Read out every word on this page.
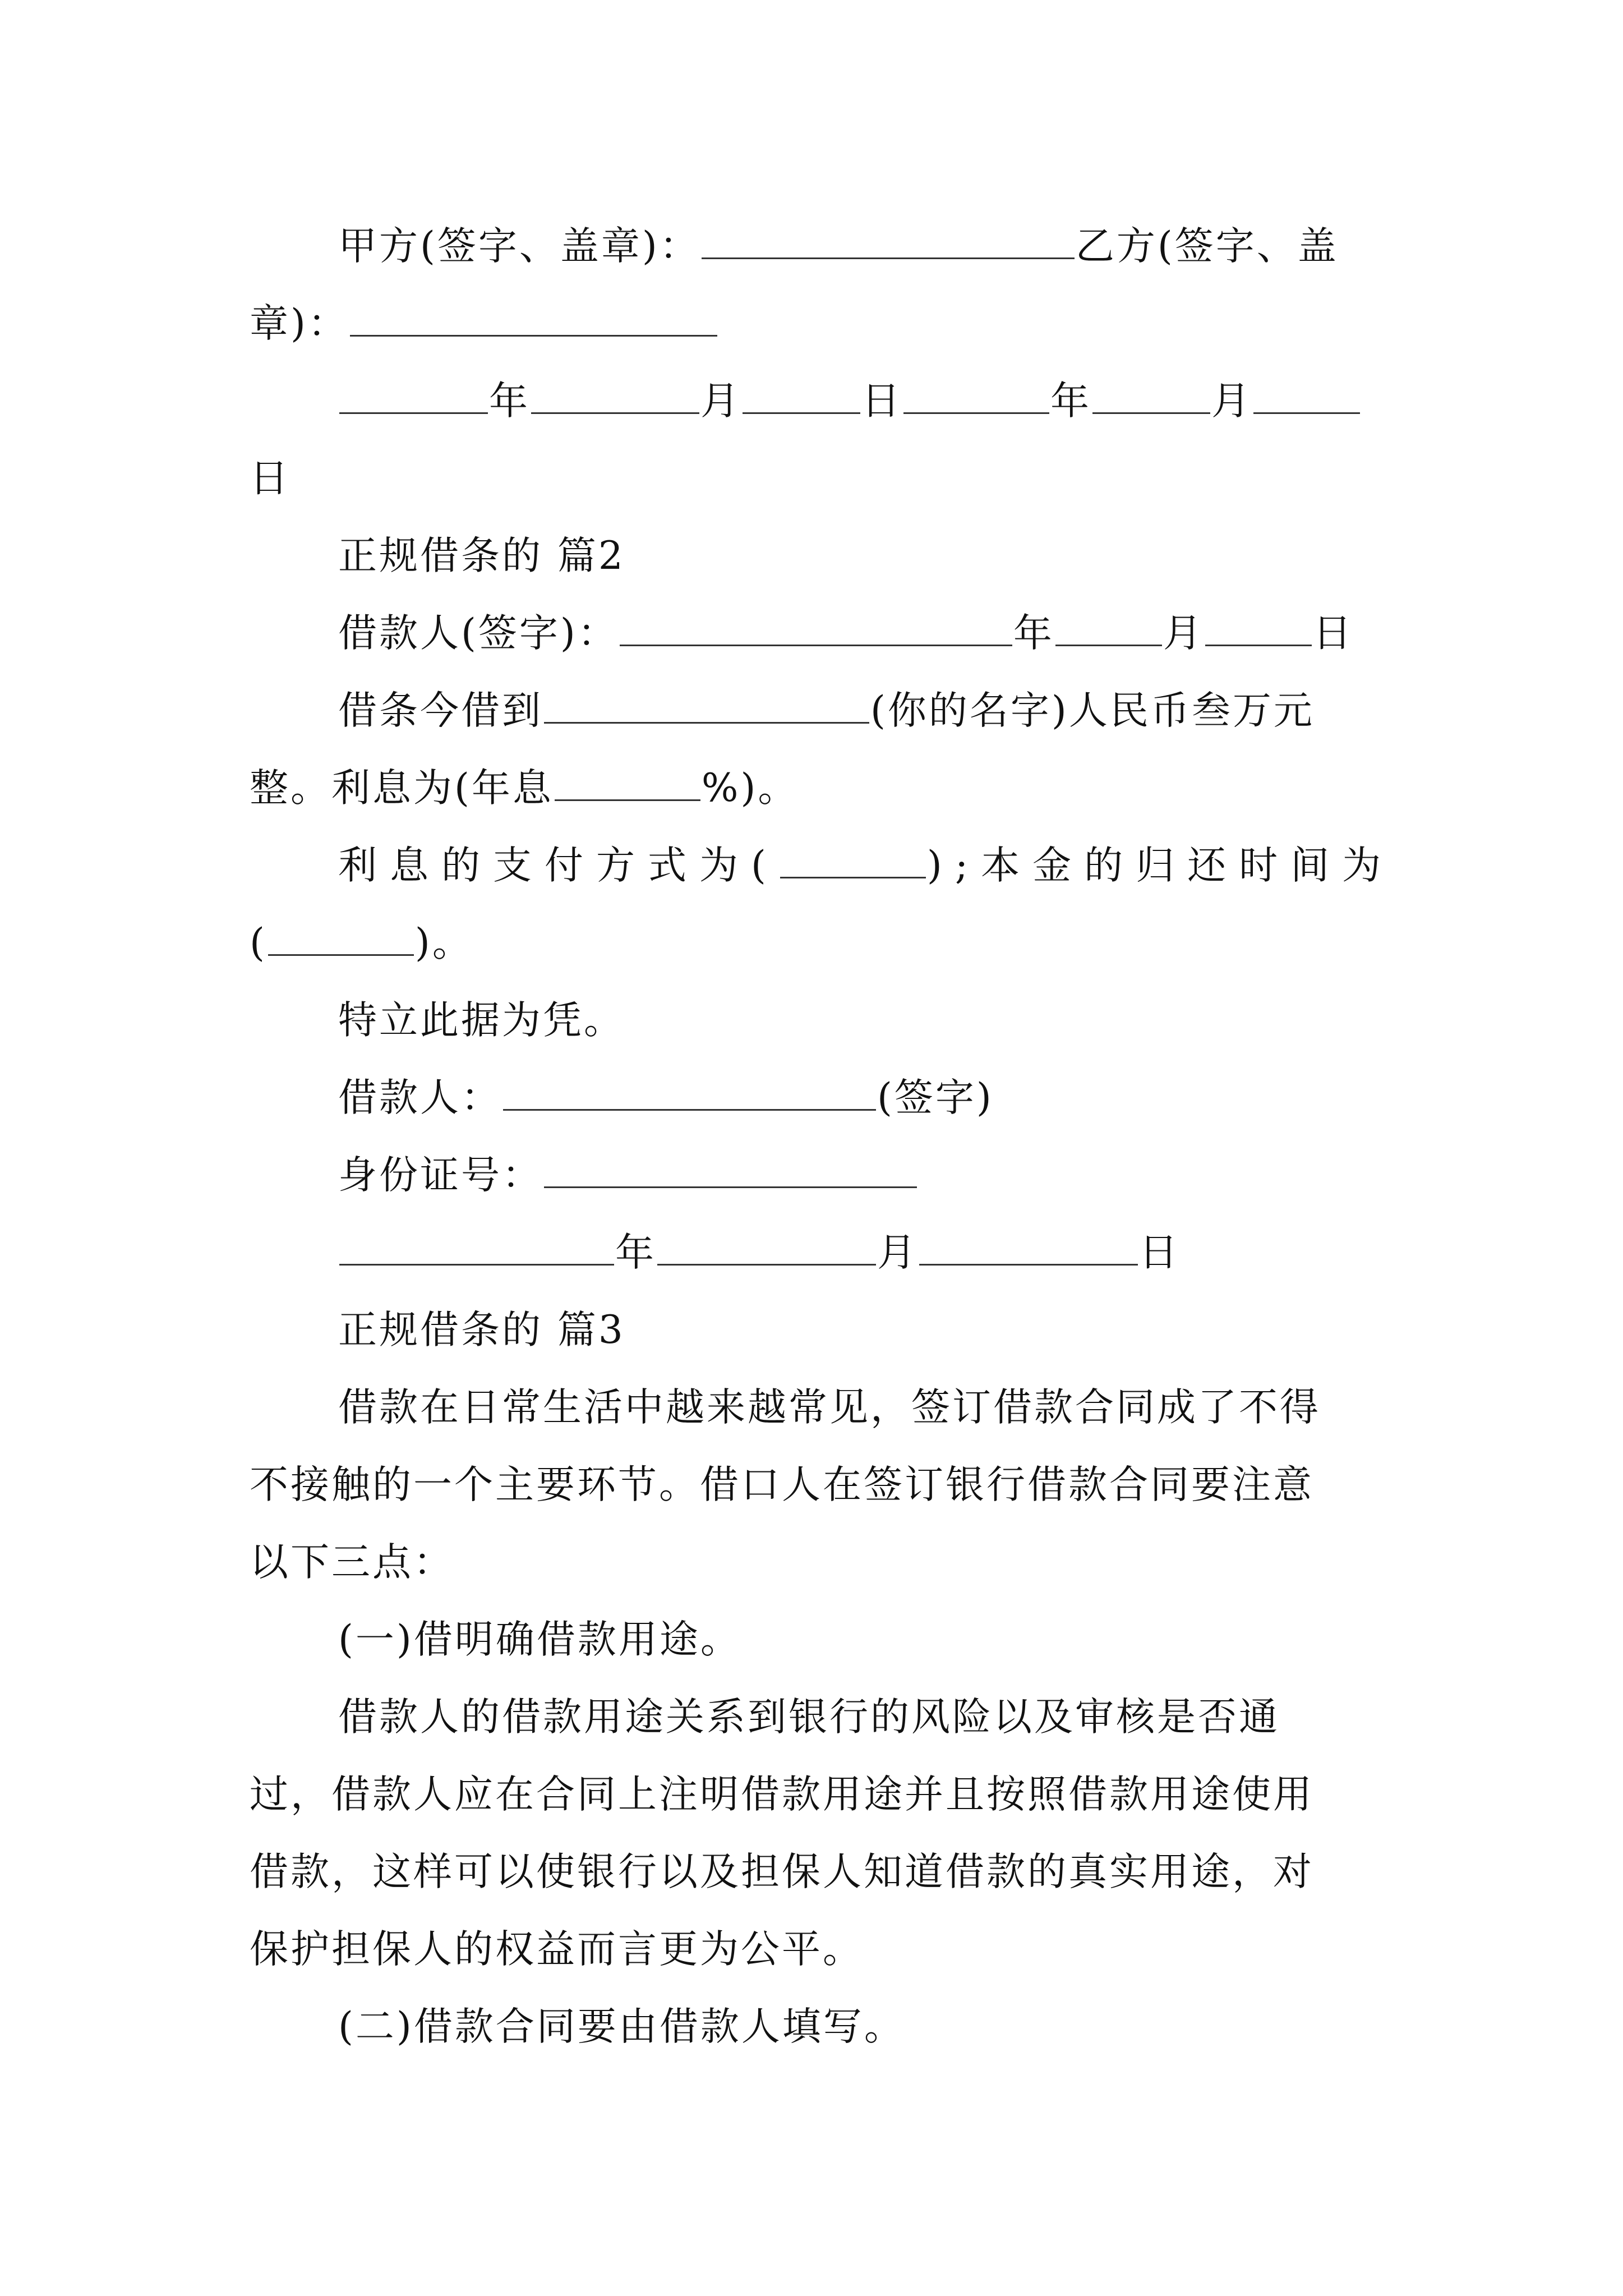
甲方(签字、盖章)：	乙方(签字、盖
章)：
年	月	日	年	月
日
正规借条的 篇2
借款人(签字)：	年	月	日
借条今借到	(你的名字)人民币叁万元
整。利息为(年息	%)。
利息的支付方式为(	);本金的归还时间为
(	)。
特立此据为凭。
借款人：	(签字)
身份证号：
年	月	日
正规借条的 篇3
借款在日常生活中越来越常见，签订借款合同成了不得
不接触的一个主要环节。借口人在签订银行借款合同要注意
以下三点：
(一)借明确借款用途。
借款人的借款用途关系到银行的风险以及审核是否通
过，借款人应在合同上注明借款用途并且按照借款用途使用
借款，这样可以使银行以及担保人知道借款的真实用途，对
保护担保人的权益而言更为公平。
(二)借款合同要由借款人填写。
